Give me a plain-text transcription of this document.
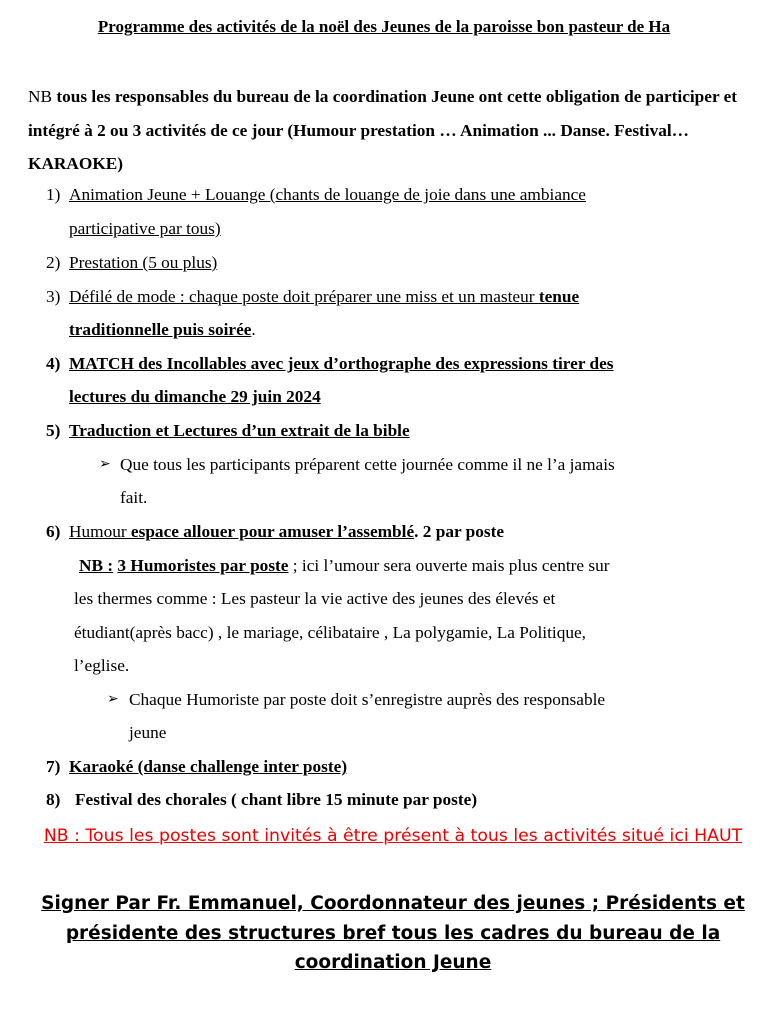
Programme des activités de la noël des Jeunes de la paroisse bon pasteur de Ha
NB tous les responsables du bureau de la coordination Jeune ont cette obligation de participer et intégré à 2 ou 3 activités de ce jour (Humour prestation … Animation ... Danse. Festival…KARAOKE)
1) Animation Jeune + Louange (chants de louange de joie dans une ambiance
participative par tous)
2) Prestation (5 ou plus)
3) Défilé de mode : chaque poste doit préparer une miss et un masteur tenue
traditionnelle puis soirée.
4) MATCH des Incollables avec jeux d’orthographe des expressions tirer des
lectures du dimanche 29 juin 2024
5) Traduction et Lectures d’un extrait de la bible
➢ Que tous les participants préparent cette journée comme il ne l’a jamais
fait.
6) Humour espace allouer pour amuser l’assemblé. 2 par poste
NB : 3 Humoristes par poste ; ici l’umour sera ouverte mais plus centre sur
les thermes comme : Les pasteur la vie active des jeunes des élevés et
étudiant(après bacc) , le mariage, célibataire , La polygamie, La Politique,
l’eglise.
➢ Chaque Humoriste par poste doit s’enregistre auprès des responsable
jeune
7) Karaoké (danse challenge inter poste)
8) Festival des chorales ( chant libre 15 minute par poste)
NB : Tous les postes sont invités à être présent à tous les activités situé ici HAUT
Signer Par Fr. Emmanuel, Coordonnateur des jeunes ; Présidents et présidente des structures bref tous les cadres du bureau de la coordination Jeune
